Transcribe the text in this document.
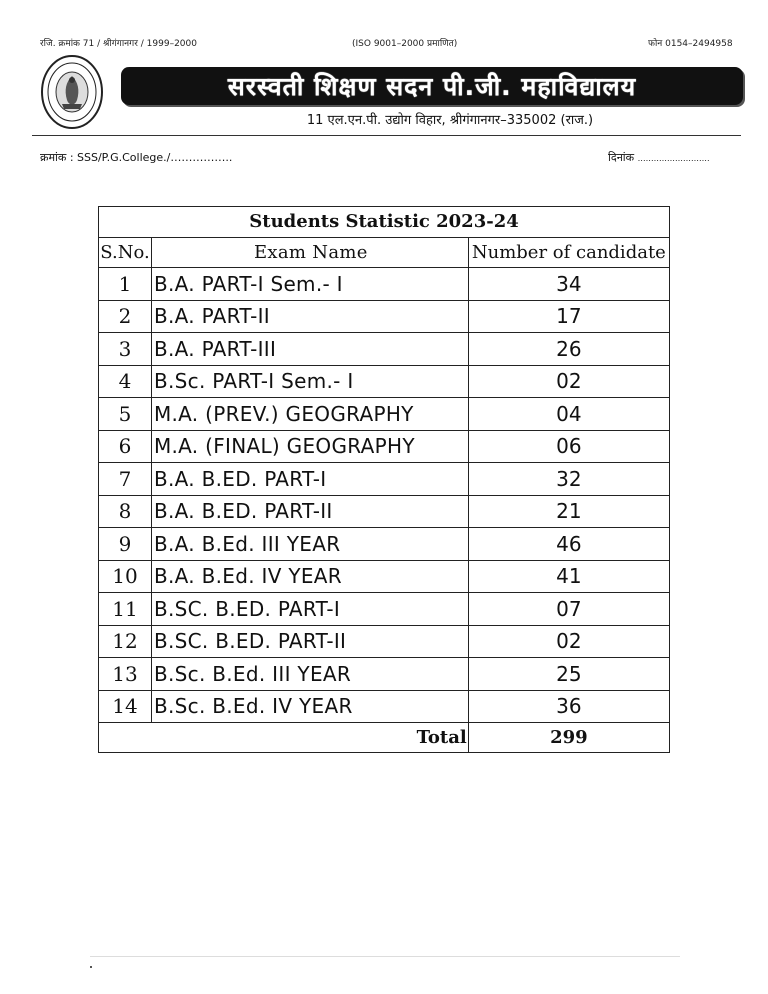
रजि. क्रमांक 71 / श्रीगंगानगर / 1999–2000	(ISO 9001–2000 प्रमाणित)	फोन 0154–2494958
सरस्वती शिक्षण सदन पी.जी. महाविद्यालय
11 एल.एन.पी. उद्योग विहार, श्रीगंगानगर–335002 (राज.)
क्रमांक : SSS/P.G.College./……………..	दिनांक ………………………
Students Statistic 2023-24		
S.No.	Exam Name	Number of candidate
1	B.A. PART-I Sem.- I	34
2	B.A. PART-II	17
3	B.A. PART-III	26
4	B.Sc. PART-I Sem.- I	02
5	M.A. (PREV.) GEOGRAPHY	04
6	M.A. (FINAL) GEOGRAPHY	06
7	B.A. B.ED. PART-I	32
8	B.A. B.ED. PART-II	21
9	B.A. B.Ed. III YEAR	46
10	B.A. B.Ed. IV YEAR	41
11	B.SC. B.ED. PART-I	07
12	B.SC. B.ED. PART-II	02
13	B.Sc. B.Ed. III YEAR	25
14	B.Sc. B.Ed. IV YEAR	36
Total		299
